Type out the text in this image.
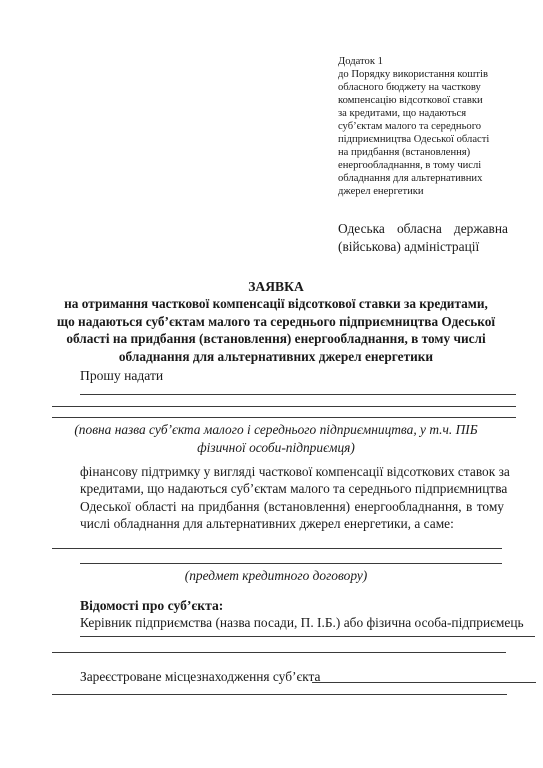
Додаток 1
до Порядку використання коштів
обласного бюджету на часткову
компенсацію відсоткової ставки
за кредитами, що надаються
суб’єктам малого та середнього
підприємництва Одеської області
на придбання (встановлення)
енергообладнання, в тому числі
обладнання для альтернативних
джерел енергетики
Одеська обласна державна
(військова) адміністрації
ЗАЯВКА
на отримання часткової компенсації відсоткової ставки за кредитами,
що надаються суб’єктам малого та середнього підприємництва Одеської
області на придбання (встановлення) енергообладнання, в тому числі
обладнання для альтернативних джерел енергетики
Прошу надати
(повна назва суб’єкта малого і середнього підприємництва, у т.ч. ПІБ
фізичної особи-підприємця)
фінансову підтримку у вигляді часткової компенсації відсоткових ставок за
кредитами, що надаються суб’єктам малого та середнього підприємництва
Одеської області на придбання (встановлення) енергообладнання, в тому
числі обладнання для альтернативних джерел енергетики, а саме:
(предмет кредитного договору)
Відомості про суб’єкта:
Керівник підприємства (назва посади, П. І.Б.) або фізична особа-підприємець
Зареєстроване місцезнаходження суб’єкта
